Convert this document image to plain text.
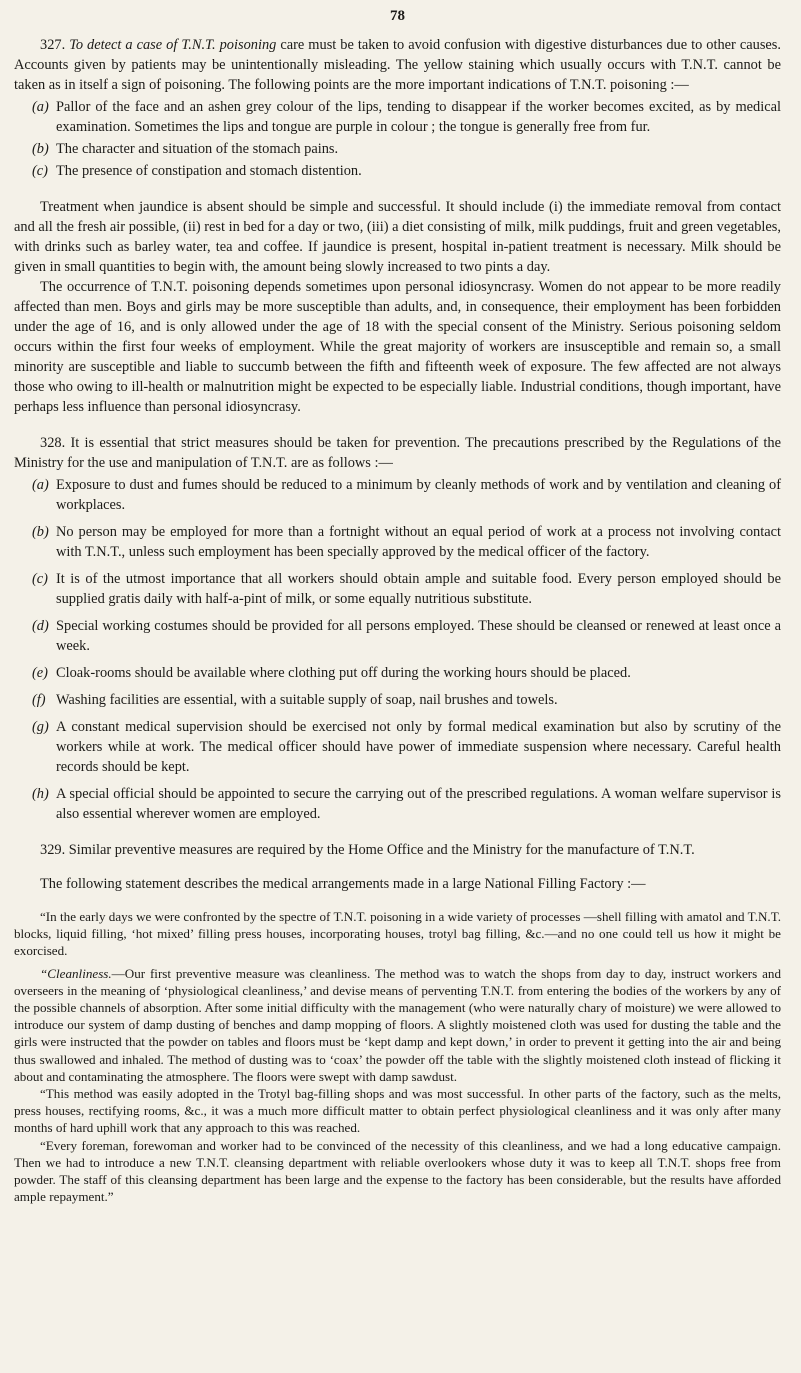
78

327. To detect a case of T.N.T. poisoning care must be taken to avoid confusion with digestive disturbances due to other causes. Accounts given by patients may be unintentionally misleading. The yellow staining which usually occurs with T.N.T. cannot be taken as in itself a sign of poisoning. The following points are the more important indications of T.N.T. poisoning :—

(a) Pallor of the face and an ashen grey colour of the lips, tending to disappear if the worker becomes excited, as by medical examination. Sometimes the lips and tongue are purple in colour ; the tongue is generally free from fur.

(b) The character and situation of the stomach pains.

(c) The presence of constipation and stomach distention.

Treatment when jaundice is absent should be simple and successful. It should include (i) the immediate removal from contact and all the fresh air possible, (ii) rest in bed for a day or two, (iii) a diet consisting of milk, milk puddings, fruit and green vegetables, with drinks such as barley water, tea and coffee. If jaundice is present, hospital in-patient treatment is necessary. Milk should be given in small quantities to begin with, the amount being slowly increased to two pints a day.

The occurrence of T.N.T. poisoning depends sometimes upon personal idiosyncrasy. Women do not appear to be more readily affected than men. Boys and girls may be more susceptible than adults, and, in consequence, their employment has been forbidden under the age of 16, and is only allowed under the age of 18 with the special consent of the Ministry. Serious poisoning seldom occurs within the first four weeks of employment. While the great majority of workers are insusceptible and remain so, a small minority are susceptible and liable to succumb between the fifth and fifteenth week of exposure. The few affected are not always those who owing to ill-health or malnutrition might be expected to be especially liable. Industrial conditions, though important, have perhaps less influence than personal idiosyncrasy.

328. It is essential that strict measures should be taken for prevention. The precautions prescribed by the Regulations of the Ministry for the use and manipulation of T.N.T. are as follows :—

(a) Exposure to dust and fumes should be reduced to a minimum by cleanly methods of work and by ventilation and cleaning of workplaces.

(b) No person may be employed for more than a fortnight without an equal period of work at a process not involving contact with T.N.T., unless such employment has been specially approved by the medical officer of the factory.

(c) It is of the utmost importance that all workers should obtain ample and suitable food. Every person employed should be supplied gratis daily with half-a-pint of milk, or some equally nutritious substitute.

(d) Special working costumes should be provided for all persons employed. These should be cleansed or renewed at least once a week.

(e) Cloak-rooms should be available where clothing put off during the working hours should be placed.

(f) Washing facilities are essential, with a suitable supply of soap, nail brushes and towels.

(g) A constant medical supervision should be exercised not only by formal medical examination but also by scrutiny of the workers while at work. The medical officer should have power of immediate suspension where necessary. Careful health records should be kept.

(h) A special official should be appointed to secure the carrying out of the prescribed regulations. A woman welfare supervisor is also essential wherever women are employed.

329. Similar preventive measures are required by the Home Office and the Ministry for the manufacture of T.N.T.

The following statement describes the medical arrangements made in a large National Filling Factory :—

“In the early days we were confronted by the spectre of T.N.T. poisoning in a wide variety of processes —shell filling with amatol and T.N.T. blocks, liquid filling, ‘hot mixed’ filling press houses, incorporating houses, trotyl bag filling, &c.—and no one could tell us how it might be exorcised.

“Cleanliness.—Our first preventive measure was cleanliness. The method was to watch the shops from day to day, instruct workers and overseers in the meaning of ‘physiological cleanliness,’ and devise means of perventing T.N.T. from entering the bodies of the workers by any of the possible channels of absorption. After some initial difficulty with the management (who were naturally chary of moisture) we were allowed to introduce our system of damp dusting of benches and damp mopping of floors. A slightly moistened cloth was used for dusting the table and the girls were instructed that the powder on tables and floors must be ‘kept damp and kept down,’ in order to prevent it getting into the air and being thus swallowed and inhaled. The method of dusting was to ‘coax’ the powder off the table with the slightly moistened cloth instead of flicking it about and contaminating the atmosphere. The floors were swept with damp sawdust.

“This method was easily adopted in the Trotyl bag-filling shops and was most successful. In other parts of the factory, such as the melts, press houses, rectifying rooms, &c., it was a much more difficult matter to obtain perfect physiological cleanliness and it was only after many months of hard uphill work that any approach to this was reached.

“Every foreman, forewoman and worker had to be convinced of the necessity of this cleanliness, and we had a long educative campaign. Then we had to introduce a new T.N.T. cleansing department with reliable overlookers whose duty it was to keep all T.N.T. shops free from powder. The staff of this cleansing department has been large and the expense to the factory has been considerable, but the results have afforded ample repayment.”
